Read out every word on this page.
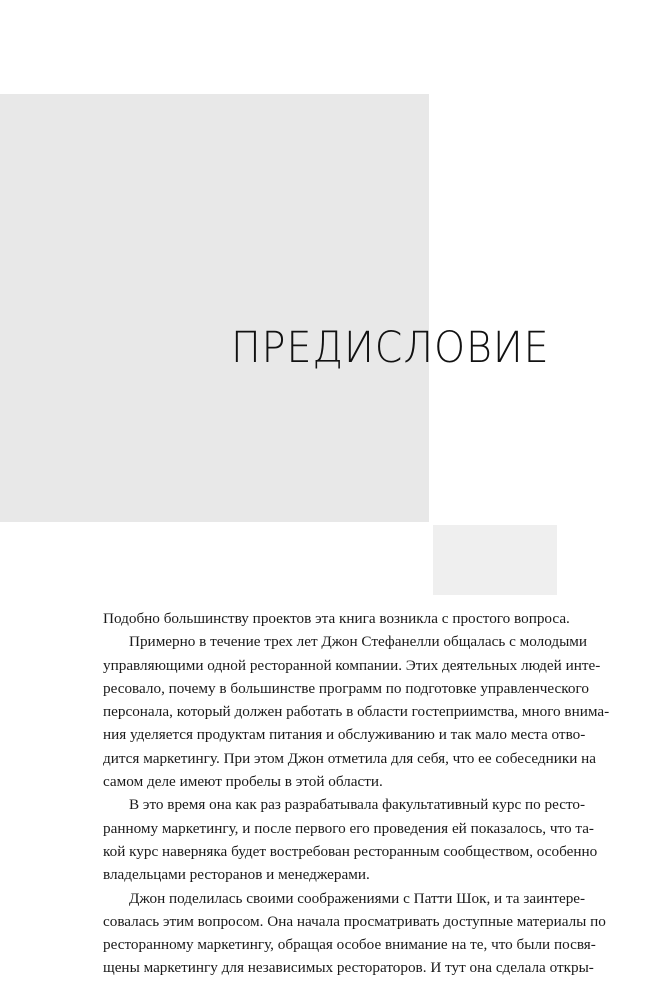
ПРЕДИСЛОВИЕ
Подобно большинству проектов эта книга возникла с простого вопроса.
Примерно в течение трех лет Джон Стефанелли общалась с молодыми
управляющими одной ресторанной компании. Этих деятельных людей инте-
ресовало, почему в большинстве программ по подготовке управленческого
персонала, который должен работать в области гостеприимства, много внима-
ния уделяется продуктам питания и обслуживанию и так мало места отво-
дится маркетингу. При этом Джон отметила для себя, что ее собеседники на
самом деле имеют пробелы в этой области.
В это время она как раз разрабатывала факультативный курс по ресто-
ранному маркетингу, и после первого его проведения ей показалось, что та-
кой курс наверняка будет востребован ресторанным сообществом, особенно
владельцами ресторанов и менеджерами.
Джон поделилась своими соображениями с Патти Шок, и та заинтере-
совалась этим вопросом. Она начала просматривать доступные материалы по
ресторанному маркетингу, обращая особое внимание на те, что были посвя-
щены маркетингу для независимых рестораторов. И тут она сделала откры-
